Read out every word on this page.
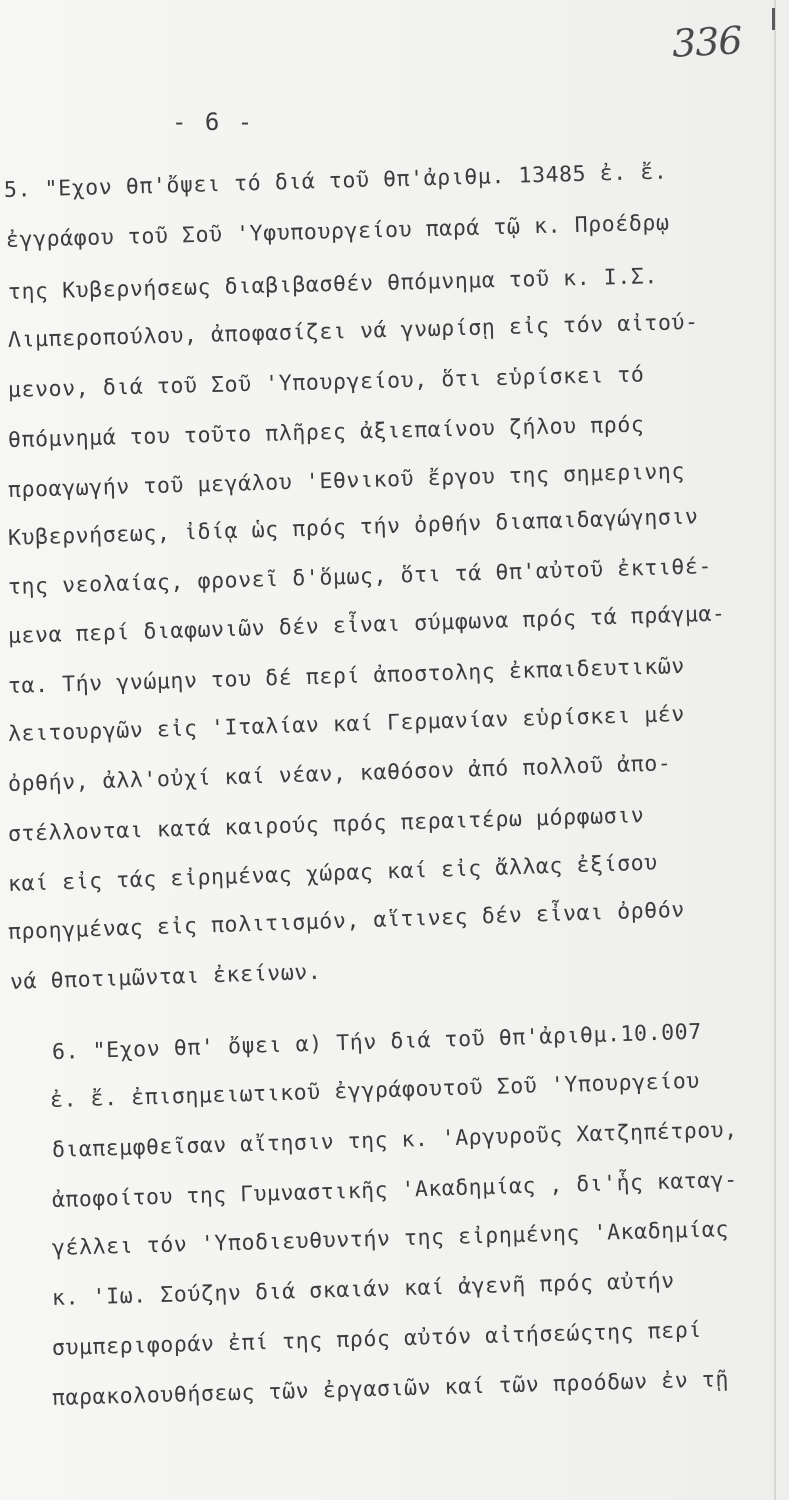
336
- 6 -
5. "Εχον θπ'ὄψει τό διά τοῦ θπ'ἀριθμ. 13485 ἐ. ἔ.
ἐγγράφου τοῦ Σοῦ 'Υφυπουργείου παρά τῷ κ. Προέδρῳ
της Κυβερνήσεως διαβιβασθέν θπόμνημα τοῦ κ. Ι.Σ.
Λιμπεροπούλου, ἀποφασίζει νά γνωρίσῃ εἰς τόν αἰτού-
μενον, διά τοῦ Σοῦ 'Υπουργείου, ὅτι εὑρίσκει τό
θπόμνημά του τοῦτο πλῆρες ἀξιεπαίνου ζήλου πρός
προαγωγήν τοῦ μεγάλου 'Εθνικοῦ ἔργου της σημερινης
Κυβερνήσεως, ἰδίᾳ ὡς πρός τήν ὀρθήν διαπαιδαγώγησιν
της νεολαίας, φρονεῖ δ'ὅμως, ὅτι τά θπ'αὐτοῦ ἐκτιθέ-
μενα περί διαφωνιῶν δέν εἶναι σύμφωνα πρός τά πράγμα-
τα. Τήν γνώμην του δέ περί ἀποστολης ἐκπαιδευτικῶν
λειτουργῶν εἰς 'Ιταλίαν καί Γερμανίαν εὑρίσκει μέν
ὀρθήν, ἀλλ'οὐχί καί νέαν, καθόσον ἀπό πολλοῦ ἀπο-
στέλλονται κατά καιρούς πρός περαιτέρω μόρφωσιν
καί εἰς τάς εἰρημένας χώρας καί εἰς ἄλλας ἐξίσου
προηγμένας εἰς πολιτισμόν, αἵτινες δέν εἶναι ὀρθόν
νά θποτιμῶνται ἐκείνων.
6. "Εχον θπ' ὄψει α) Τήν διά τοῦ θπ'ἀριθμ.10.007
ἐ. ἔ. ἐπισημειωτικοῦ ἐγγράφουτοῦ Σοῦ 'Υπουργείου
διαπεμφθεῖσαν αἴτησιν της κ. 'Αργυροῦς Χατζηπέτρου,
ἀποφοίτου της Γυμναστικῆς 'Ακαδημίας , δι'ἧς καταγ-
γέλλει τόν 'Υποδιευθυντήν της εἰρημένης 'Ακαδημίας
κ. 'Ιω. Σούζην διά σκαιάν καί ἀγενῆ πρός αὐτήν
συμπεριφοράν ἐπί της πρός αὐτόν αἰτήσεώςτης περί
παρακολουθήσεως τῶν ἐργασιῶν καί τῶν προόδων ἐν τῇ
